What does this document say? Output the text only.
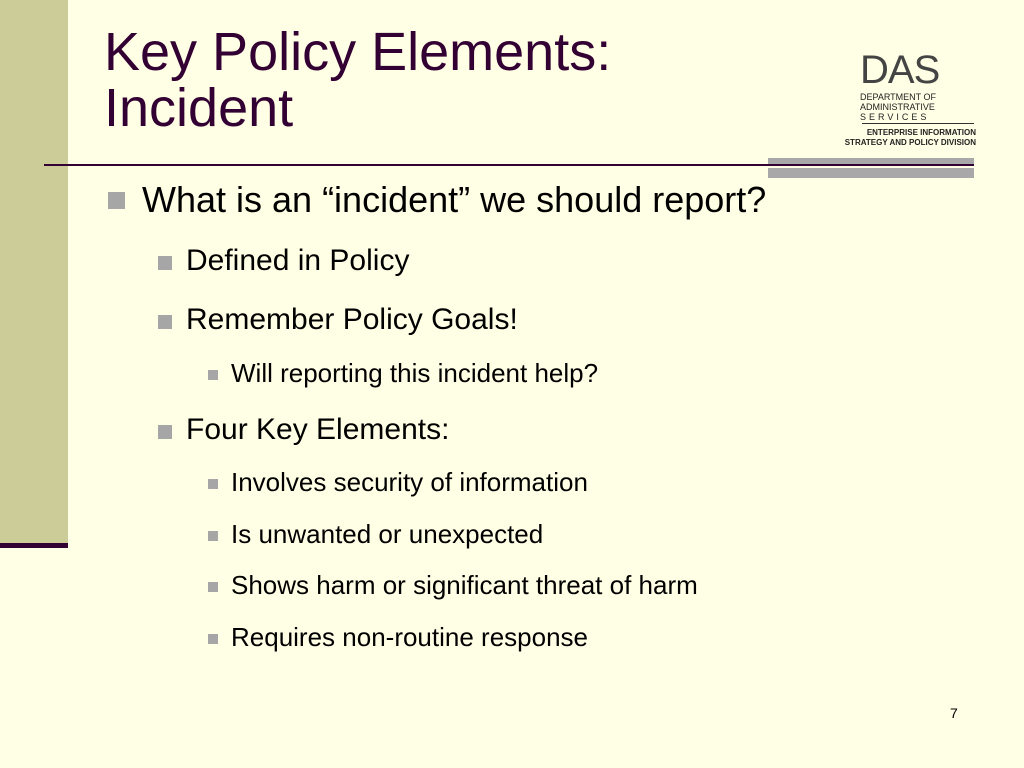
Key Policy Elements:
Incident
DAS
DEPARTMENT OF
ADMINISTRATIVE
SERVICES
ENTERPRISE INFORMATION
STRATEGY AND POLICY DIVISION
What is an “incident” we should report?
Defined in Policy
Remember Policy Goals!
Will reporting this incident help?
Four Key Elements:
Involves security of information
Is unwanted or unexpected
Shows harm or significant threat of harm
Requires non-routine response
7
